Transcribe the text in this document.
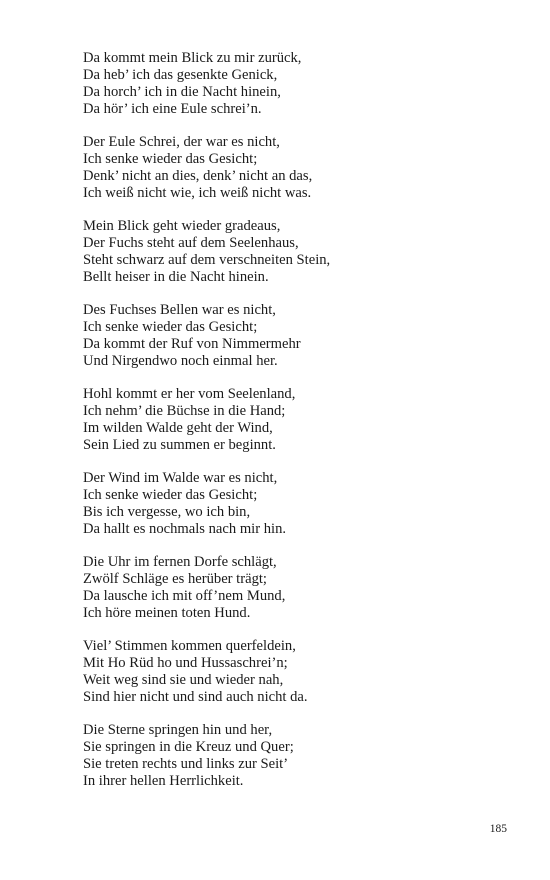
Da kommt mein Blick zu mir zurück,
Da heb’ ich das gesenkte Genick,
Da horch’ ich in die Nacht hinein,
Da hör’ ich eine Eule schrei’n.
Der Eule Schrei, der war es nicht,
Ich senke wieder das Gesicht;
Denk’ nicht an dies, denk’ nicht an das,
Ich weiß nicht wie, ich weiß nicht was.
Mein Blick geht wieder gradeaus,
Der Fuchs steht auf dem Seelenhaus,
Steht schwarz auf dem verschneiten Stein,
Bellt heiser in die Nacht hinein.
Des Fuchses Bellen war es nicht,
Ich senke wieder das Gesicht;
Da kommt der Ruf von Nimmermehr
Und Nirgendwo noch einmal her.
Hohl kommt er her vom Seelenland,
Ich nehm’ die Büchse in die Hand;
Im wilden Walde geht der Wind,
Sein Lied zu summen er beginnt.
Der Wind im Walde war es nicht,
Ich senke wieder das Gesicht;
Bis ich vergesse, wo ich bin,
Da hallt es nochmals nach mir hin.
Die Uhr im fernen Dorfe schlägt,
Zwölf Schläge es herüber trägt;
Da lausche ich mit off’nem Mund,
Ich höre meinen toten Hund.
Viel’ Stimmen kommen querfeldein,
Mit Ho Rüd ho und Hussaschrei’n;
Weit weg sind sie und wieder nah,
Sind hier nicht und sind auch nicht da.
Die Sterne springen hin und her,
Sie springen in die Kreuz und Quer;
Sie treten rechts und links zur Seit’
In ihrer hellen Herrlichkeit.
185
